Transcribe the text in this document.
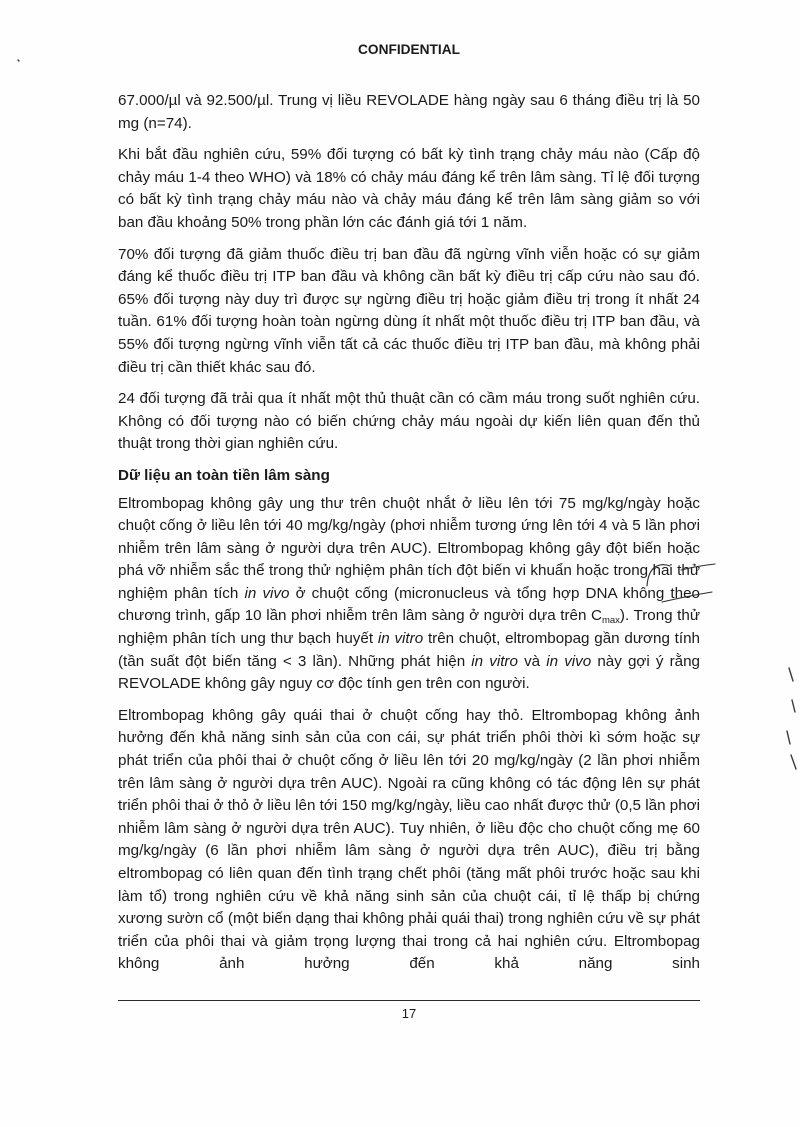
CONFIDENTIAL

67.000/µl và 92.500/µl. Trung vị liều REVOLADE hàng ngày sau 6 tháng điều trị là 50 mg (n=74).

Khi bắt đầu nghiên cứu, 59% đối tượng có bất kỳ tình trạng chảy máu nào (Cấp độ chảy máu 1-4 theo WHO) và 18% có chảy máu đáng kể trên lâm sàng. Tỉ lệ đối tượng có bất kỳ tình trạng chảy máu nào và chảy máu đáng kể trên lâm sàng giảm so với ban đầu khoảng 50% trong phần lớn các đánh giá tới 1 năm.

70% đối tượng đã giảm thuốc điều trị ban đầu đã ngừng vĩnh viễn hoặc có sự giảm đáng kể thuốc điều trị ITP ban đầu và không cần bất kỳ điều trị cấp cứu nào sau đó. 65% đối tượng này duy trì được sự ngừng điều trị hoặc giảm điều trị trong ít nhất 24 tuần. 61% đối tượng hoàn toàn ngừng dùng ít nhất một thuốc điều trị ITP ban đầu, và 55% đối tượng ngừng vĩnh viễn tất cả các thuốc điều trị ITP ban đầu, mà không phải điều trị cần thiết khác sau đó.

24 đối tượng đã trải qua ít nhất một thủ thuật cần có cầm máu trong suốt nghiên cứu. Không có đối tượng nào có biến chứng chảy máu ngoài dự kiến liên quan đến thủ thuật trong thời gian nghiên cứu.

Dữ liệu an toàn tiền lâm sàng

Eltrombopag không gây ung thư trên chuột nhắt ở liều lên tới 75 mg/kg/ngày hoặc chuột cống ở liều lên tới 40 mg/kg/ngày (phơi nhiễm tương ứng lên tới 4 và 5 lần phơi nhiễm trên lâm sàng ở người dựa trên AUC). Eltrombopag không gây đột biến hoặc phá vỡ nhiễm sắc thể trong thử nghiệm phân tích đột biến vi khuẩn hoặc trong hai thử nghiệm phân tích in vivo ở chuột cống (micronucleus và tổng hợp DNA không theo chương trình, gấp 10 lần phơi nhiễm trên lâm sàng ở người dựa trên $C_{max}$). Trong thử nghiệm phân tích ung thư bạch huyết in vitro trên chuột, eltrombopag gần dương tính (tần suất đột biến tăng < 3 lần). Những phát hiện in vitro và in vivo này gợi ý rằng REVOLADE không gây nguy cơ độc tính gen trên con người.

Eltrombopag không gây quái thai ở chuột cống hay thỏ. Eltrombopag không ảnh hưởng đến khả năng sinh sản của con cái, sự phát triển phôi thời kì sớm hoặc sự phát triển của phôi thai ở chuột cống ở liều lên tới 20 mg/kg/ngày (2 lần phơi nhiễm trên lâm sàng ở người dựa trên AUC). Ngoài ra cũng không có tác động lên sự phát triển phôi thai ở thỏ ở liều lên tới 150 mg/kg/ngày, liều cao nhất được thử (0,5 lần phơi nhiễm lâm sàng ở người dựa trên AUC). Tuy nhiên, ở liều độc cho chuột cống mẹ 60 mg/kg/ngày (6 lần phơi nhiễm lâm sàng ở người dựa trên AUC), điều trị bằng eltrombopag có liên quan đến tình trạng chết phôi (tăng mất phôi trước hoặc sau khi làm tổ) trong nghiên cứu về khả năng sinh sản của chuột cái, tỉ lệ thấp bị chứng xương sườn cổ (một biến dạng thai không phải quái thai) trong nghiên cứu về sự phát triển của phôi thai và giảm trọng lượng thai trong cả hai nghiên cứu. Eltrombopag không ảnh hưởng đến khả năng sinh

17
